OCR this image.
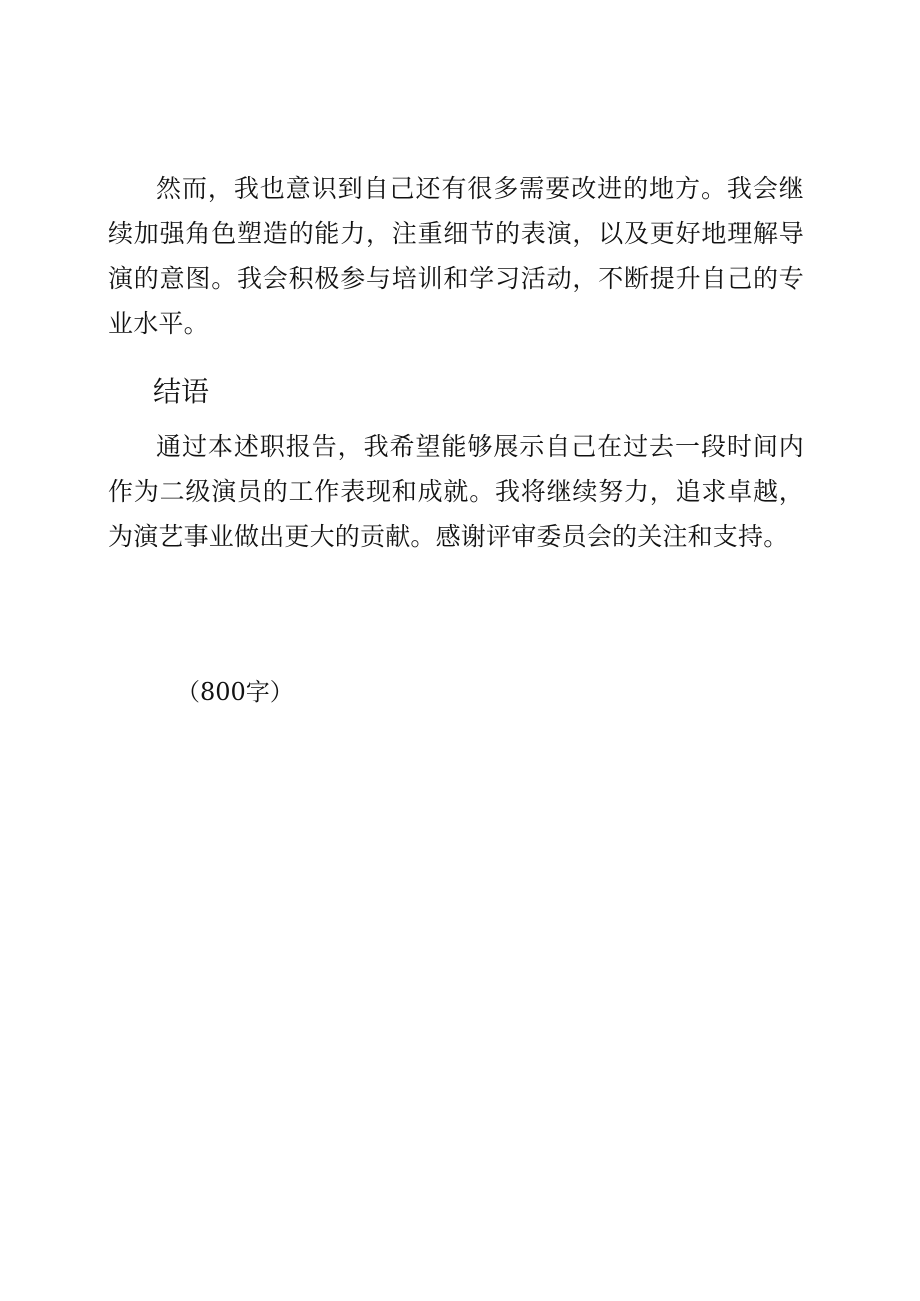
然而，我也意识到自己还有很多需要改进的地方。我会继续加强角色塑造的能力，注重细节的表演，以及更好地理解导演的意图。我会积极参与培训和学习活动，不断提升自己的专业水平。

结语

通过本述职报告，我希望能够展示自己在过去一段时间内作为二级演员的工作表现和成就。我将继续努力，追求卓越，为演艺事业做出更大的贡献。感谢评审委员会的关注和支持。

（800字）
